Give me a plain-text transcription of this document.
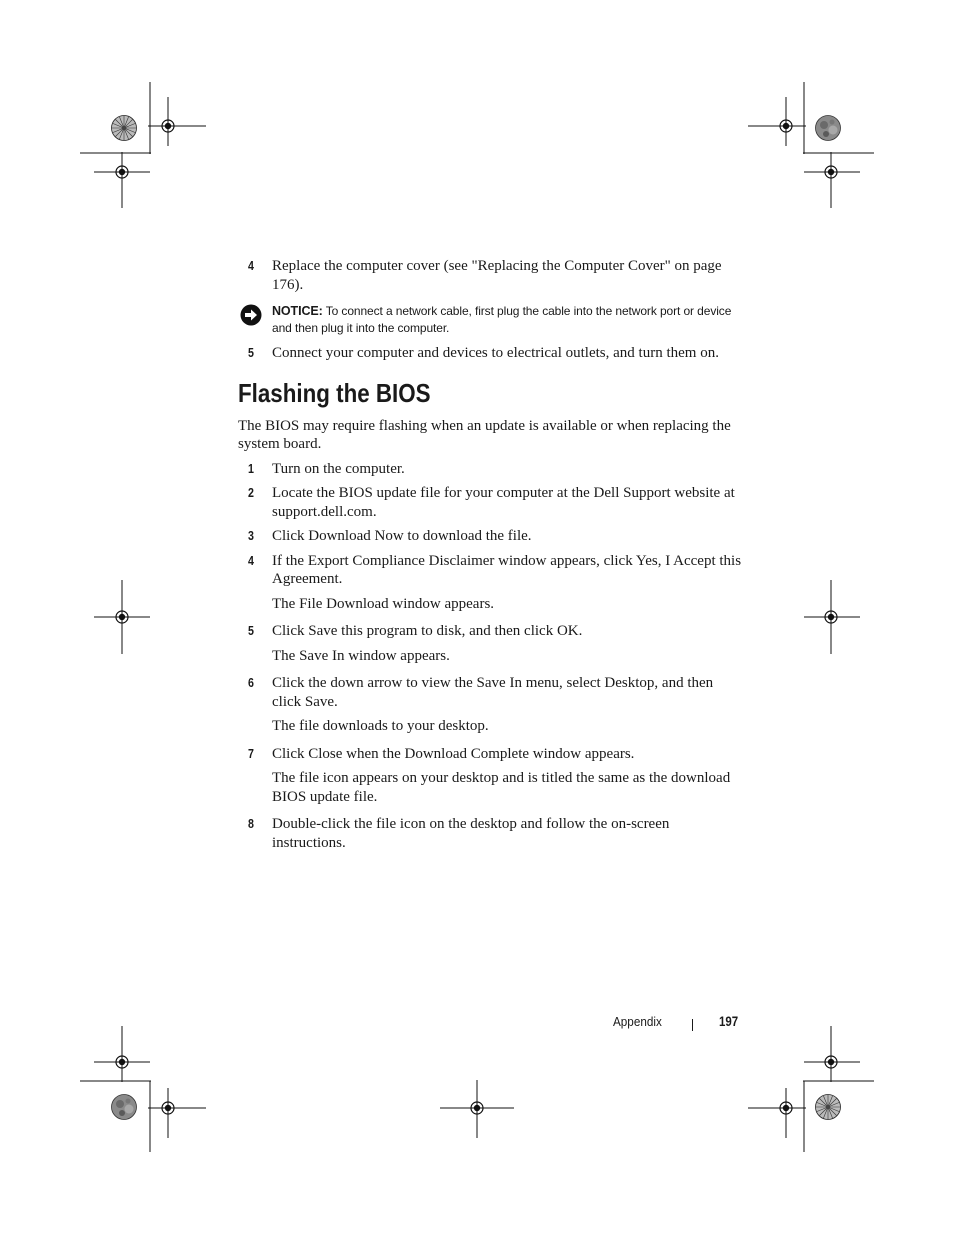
4 Replace the computer cover (see "Replacing the Computer Cover" on page 176).
NOTICE: To connect a network cable, first plug the cable into the network port or device and then plug it into the computer.
5 Connect your computer and devices to electrical outlets, and turn them on.
Flashing the BIOS
The BIOS may require flashing when an update is available or when replacing the system board.
1 Turn on the computer.
2 Locate the BIOS update file for your computer at the Dell Support website at support.dell.com.
3 Click Download Now to download the file.
4 If the Export Compliance Disclaimer window appears, click Yes, I Accept this Agreement.
The File Download window appears.
5 Click Save this program to disk, and then click OK.
The Save In window appears.
6 Click the down arrow to view the Save In menu, select Desktop, and then click Save.
The file downloads to your desktop.
7 Click Close when the Download Complete window appears.
The file icon appears on your desktop and is titled the same as the download BIOS update file.
8 Double-click the file icon on the desktop and follow the on-screen instructions.
Appendix	197
